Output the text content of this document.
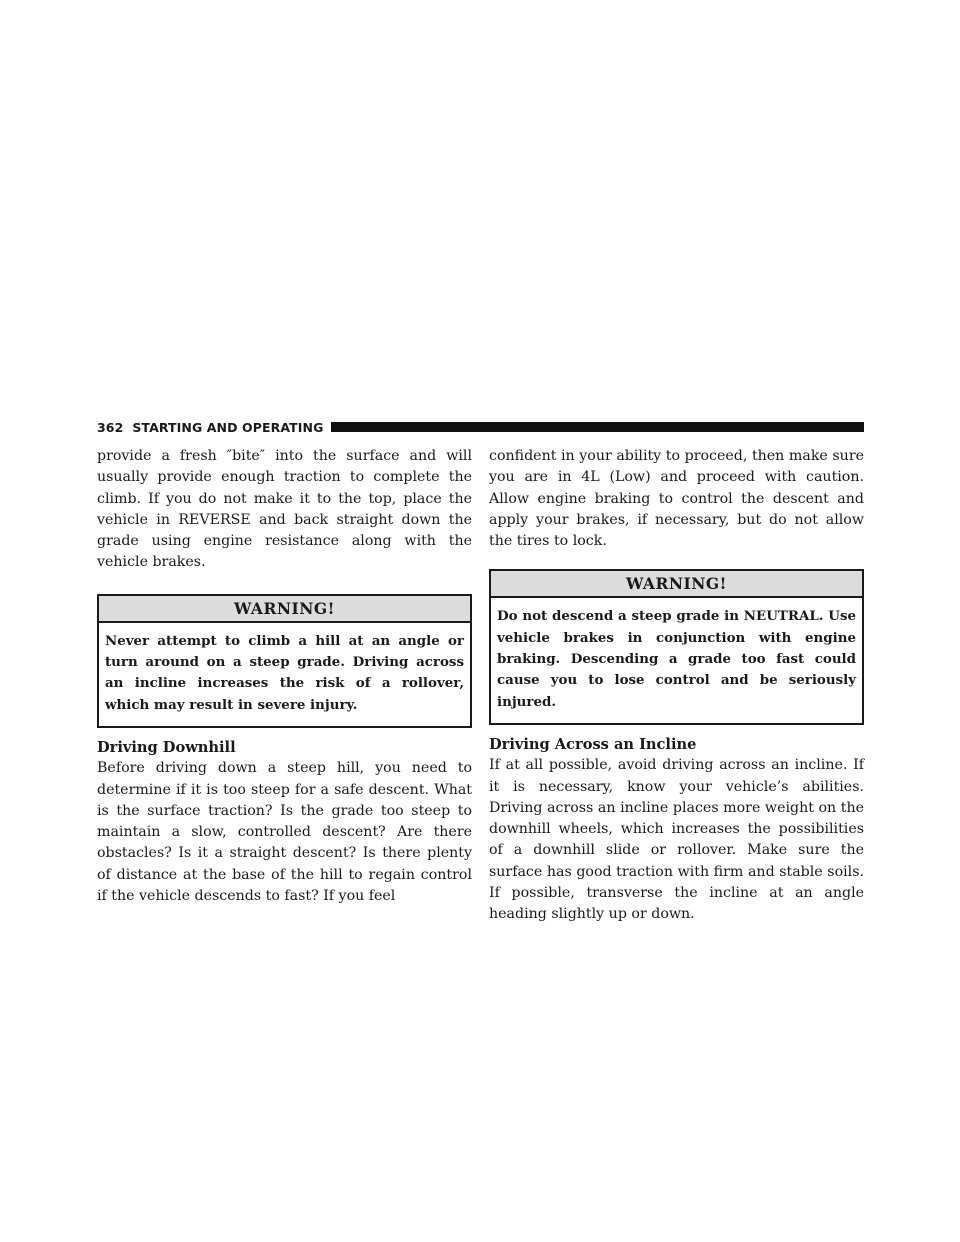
362 STARTING AND OPERATING

provide a fresh ″bite″ into the surface and will usually provide enough traction to complete the climb. If you do not make it to the top, place the vehicle in REVERSE and back straight down the grade using engine resistance along with the vehicle brakes.

WARNING!
Never attempt to climb a hill at an angle or turn around on a steep grade. Driving across an incline increases the risk of a rollover, which may result in severe injury.
Driving Downhill

Before driving down a steep hill, you need to determine if it is too steep for a safe descent. What is the surface traction? Is the grade too steep to maintain a slow, controlled descent? Are there obstacles? Is it a straight descent? Is there plenty of distance at the base of the hill to regain control if the vehicle descends to fast? If you feel

confident in your ability to proceed, then make sure you are in 4L (Low) and proceed with caution. Allow engine braking to control the descent and apply your brakes, if necessary, but do not allow the tires to lock.

WARNING!
Do not descend a steep grade in NEUTRAL. Use vehicle brakes in conjunction with engine braking. Descending a grade too fast could cause you to lose control and be seriously injured.
Driving Across an Incline

If at all possible, avoid driving across an incline. If it is necessary, know your vehicle’s abilities. Driving across an incline places more weight on the downhill wheels, which increases the possibilities of a downhill slide or rollover. Make sure the surface has good traction with firm and stable soils. If possible, transverse the incline at an angle heading slightly up or down.
